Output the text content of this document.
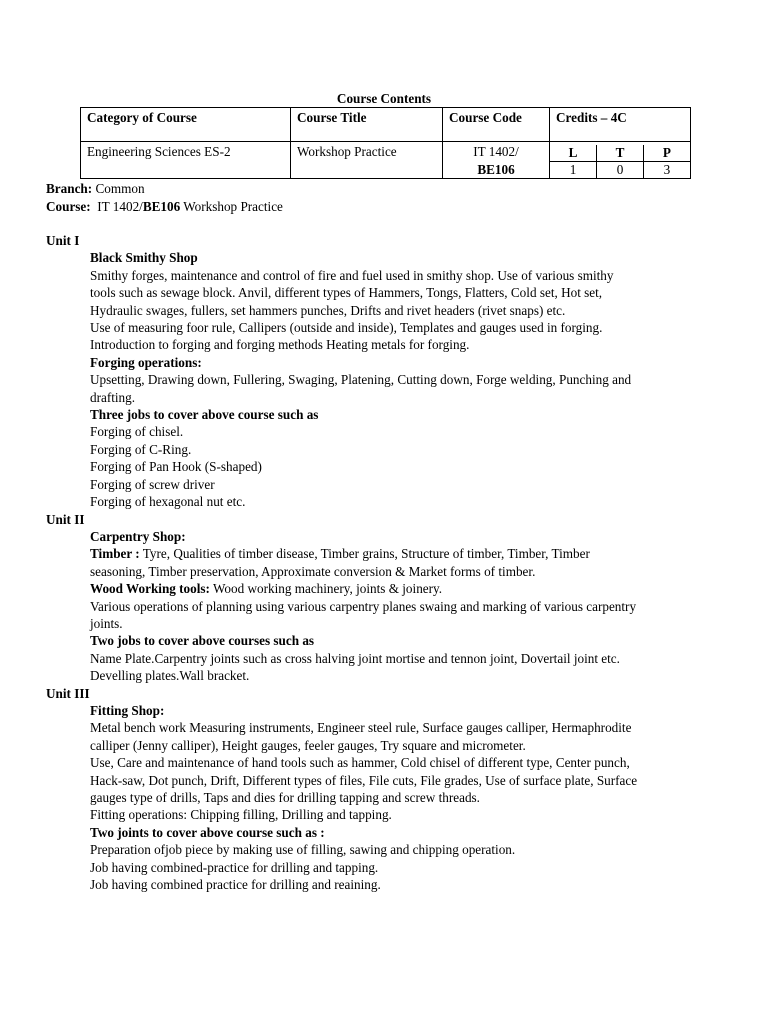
Course Contents
Category of Course	Course Title	Course Code	Credits – 4C

Engineering Sciences ES-2	Workshop Practice	IT 1402/
BE106

L	T	P
1	0	3
Branch: Common
Course: IT 1402/BE106 Workshop Practice
Unit I
Black Smithy Shop
Smithy forges, maintenance and control of fire and fuel used in smithy shop. Use of various smithy
tools such as sewage block. Anvil, different types of Hammers, Tongs, Flatters, Cold set, Hot set,
Hydraulic swages, fullers, set hammers punches, Drifts and rivet headers (rivet snaps) etc.
Use of measuring foor rule, Callipers (outside and inside), Templates and gauges used in forging.
Introduction to forging and forging methods Heating metals for forging.
Forging operations:
Upsetting, Drawing down, Fullering, Swaging, Platening, Cutting down, Forge welding, Punching and
drafting.
Three jobs to cover above course such as
Forging of chisel.
Forging of C-Ring.
Forging of Pan Hook (S-shaped)
Forging of screw driver
Forging of hexagonal nut etc.
Unit II
Carpentry Shop:
Timber : Tyre, Qualities of timber disease, Timber grains, Structure of timber, Timber, Timber
seasoning, Timber preservation, Approximate conversion & Market forms of timber.
Wood Working tools: Wood working machinery, joints & joinery.
Various operations of planning using various carpentry planes swaing and marking of various carpentry
joints.
Two jobs to cover above courses such as
Name Plate.Carpentry joints such as cross halving joint mortise and tennon joint, Dovertail joint etc.
Develling plates.Wall bracket.
Unit III
Fitting Shop:
Metal bench work Measuring instruments, Engineer steel rule, Surface gauges calliper, Hermaphrodite
calliper (Jenny calliper), Height gauges, feeler gauges, Try square and micrometer.
Use, Care and maintenance of hand tools such as hammer, Cold chisel of different type, Center punch,
Hack-saw, Dot punch, Drift, Different types of files, File cuts, File grades, Use of surface plate, Surface
gauges type of drills, Taps and dies for drilling tapping and screw threads.
Fitting operations: Chipping filling, Drilling and tapping.
Two joints to cover above course such as :
Preparation ofjob piece by making use of filling, sawing and chipping operation.
Job having combined-practice for drilling and tapping.
Job having combined practice for drilling and reaining.
